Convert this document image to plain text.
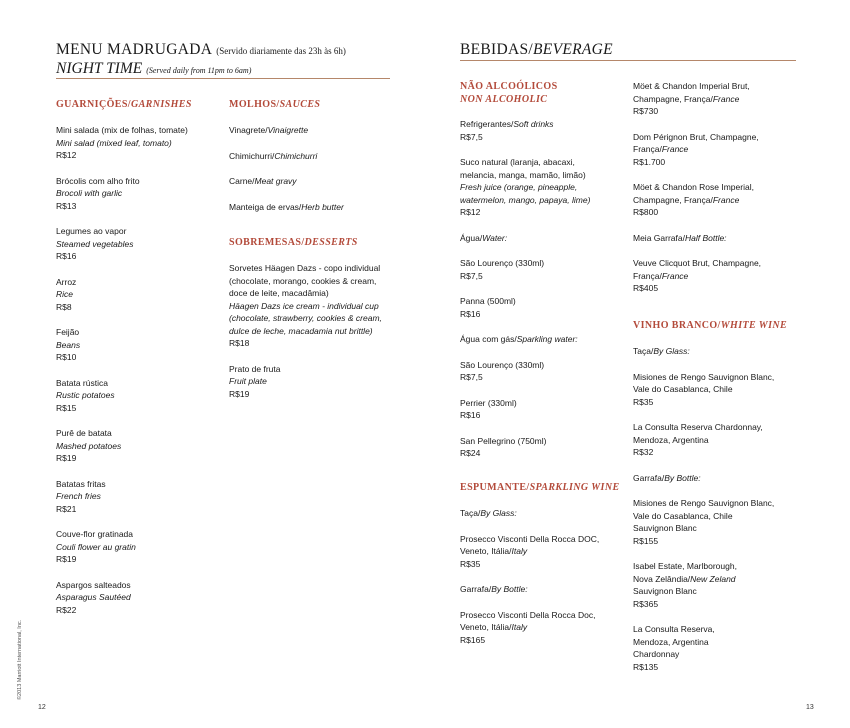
MENU MADRUGADA (Servido diariamente das 23h às 6h)
NIGHT TIME (Served daily from 11pm to 6am)
GUARNIÇÕES/GARNISHES
Mini salada (mix de folhas, tomate)
Mini salad (mixed leaf, tomato)
R$12
Brócolis com alho frito
Brocoli with garlic
R$13
Legumes ao vapor
Steamed vegetables
R$16
Arroz
Rice
R$8
Feijão
Beans
R$10
Batata rústica
Rustic potatoes
R$15
Purê de batata
Mashed potatoes
R$19
Batatas fritas
French fries
R$21
Couve-flor gratinada
Couli flower au gratin
R$19
Aspargos salteados
Asparagus Sautéed
R$22
MOLHOS/SAUCES
Vinagrete/Vinaigrette
Chimichurri/Chimichurri
Carne/Meat gravy
Manteiga de ervas/Herb butter
SOBREMESAS/DESSERTS
Sorvetes Häagen Dazs - copo individual
(chocolate, morango, cookies & cream,
doce de leite, macadâmia)
Häagen Dazs ice cream - individual cup
(chocolate, strawberry, cookies & cream,
dulce de leche, macadamia nut brittle)
R$18
Prato de fruta
Fruit plate
R$19
12
©2013 Marriott International, Inc.
BEBIDAS/BEVERAGE
NÃO ALCOÓLICOS
NON ALCOHOLIC
Refrigerantes/Soft drinks
R$7,5
Suco natural (laranja, abacaxi,
melancia, manga, mamão, limão)
Fresh juice (orange, pineapple,
watermelon, mango, papaya, lime)
R$12
Água/Water:
São Lourenço (330ml)
R$7,5
Panna (500ml)
R$16
Água com gás/Sparkling water:
São Lourenço (330ml)
R$7,5
Perrier (330ml)
R$16
San Pellegrino (750ml)
R$24
ESPUMANTE/SPARKLING WINE
Taça/By Glass:
Prosecco Visconti Della Rocca DOC,
Veneto, Itália/Italy
R$35
Garrafa/By Bottle:
Prosecco Visconti Della Rocca Doc,
Veneto, Itália/Italy
R$165
Möet & Chandon Imperial Brut,
Champagne, França/France
R$730
Dom Pérignon Brut, Champagne,
França/France
R$1.700
Möet & Chandon Rose Imperial,
Champagne, França/France
R$800
Meia Garrafa/Half Bottle:
Veuve Clicquot Brut, Champagne,
França/France
R$405
VINHO BRANCO/WHITE WINE
Taça/By Glass:
Misiones de Rengo Sauvignon Blanc,
Vale do Casablanca, Chile
R$35
La Consulta Reserva Chardonnay,
Mendoza, Argentina
R$32
Garrafa/By Bottle:
Misiones de Rengo Sauvignon Blanc,
Vale do Casablanca, Chile
Sauvignon Blanc
R$155
Isabel Estate, Marlborough,
Nova Zelândia/New Zeland
Sauvignon Blanc
R$365
La Consulta Reserva,
Mendoza, Argentina
Chardonnay
R$135
13
